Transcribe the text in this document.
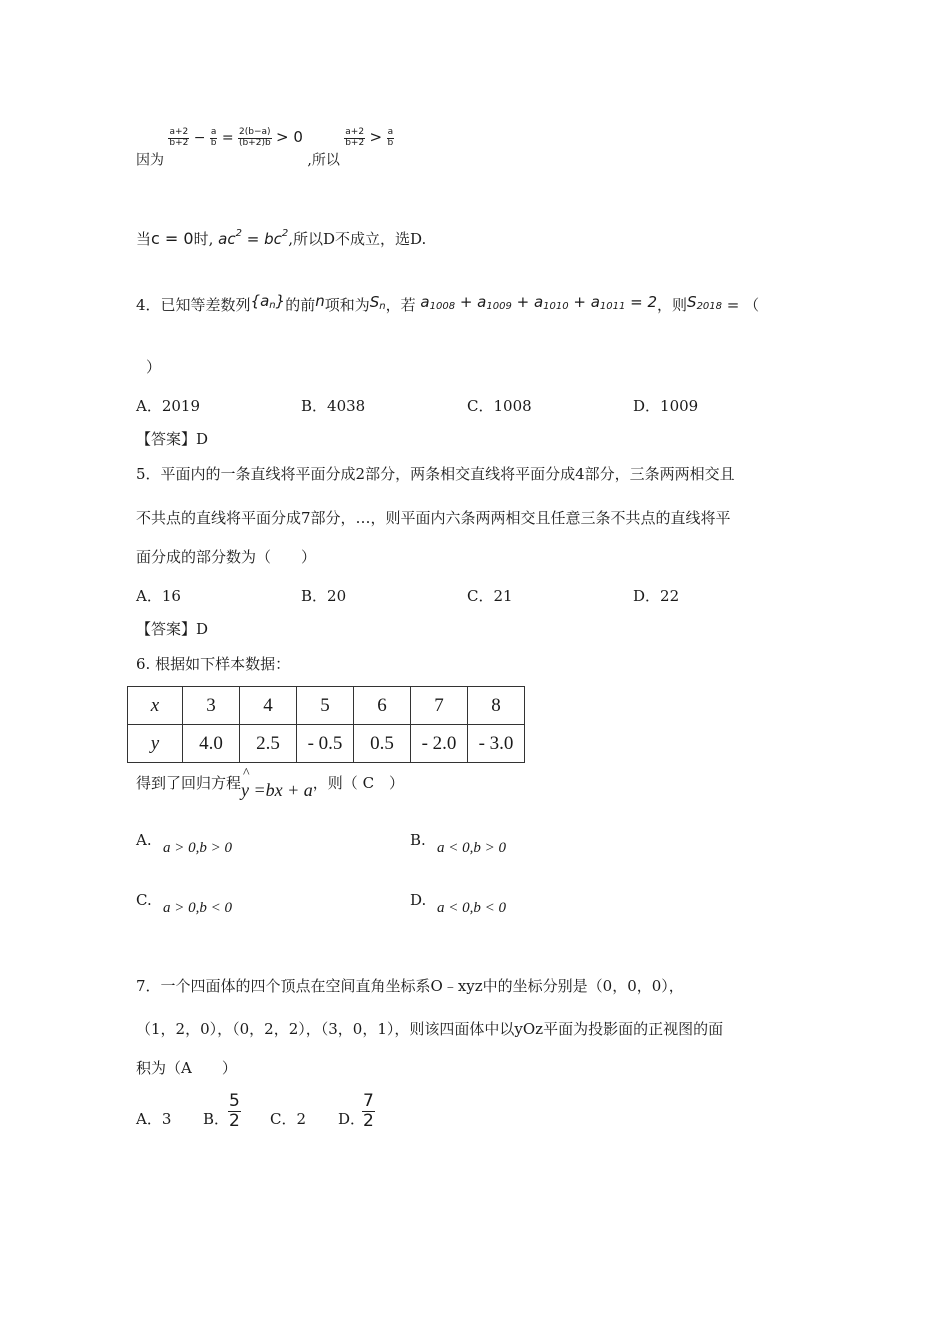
因为
$\frac{a+2}{b+2} - \frac{a}{b} = \frac{2(b-a)}{(b+2)b} > 0$ ,所以
$\frac{a+2}{b+2} > \frac{a}{b}$
当c = 0时, $ac^2 = bc^2$,所以D不成立，选D.
4．已知等差数列$\{a_n\}$的前n项和为$S_n$，若 $a_{1008} + a_{1009} + a_{1010} + a_{1011} = 2$，则$S_{2018}$ = （
）
A．2019	B．4038	C．1008	D．1009
【答案】D
5．平面内的一条直线将平面分成2部分，两条相交直线将平面分成4部分，三条两两相交且
不共点的直线将平面分成7部分，…，则平面内六条两两相交且任意三条不共点的直线将平
面分成的部分数为（　　）
A．16	B．20	C．21	D．22
【答案】D
6. 根据如下样本数据：
x	3	4	5	6	7	8
y	4.0	2.5	- 0.5	0.5	- 2.0	- 3.0
得到了回归方程
^
y =bx + a，则（ C　）
A. a > 0,b > 0	B. a < 0,b > 0
C. a > 0,b < 0	D. a < 0,b < 0
7．一个四面体的四个顶点在空间直角坐标系O﹣xyz中的坐标分别是（0，0，0），
（1，2，0），（0，2，2），（3，0，1），则该四面体中以yOz平面为投影面的正视图的面
积为（A　　）
A．3 B．
$\frac{5}{2}$ C．2 D．
$\frac{7}{2}$
